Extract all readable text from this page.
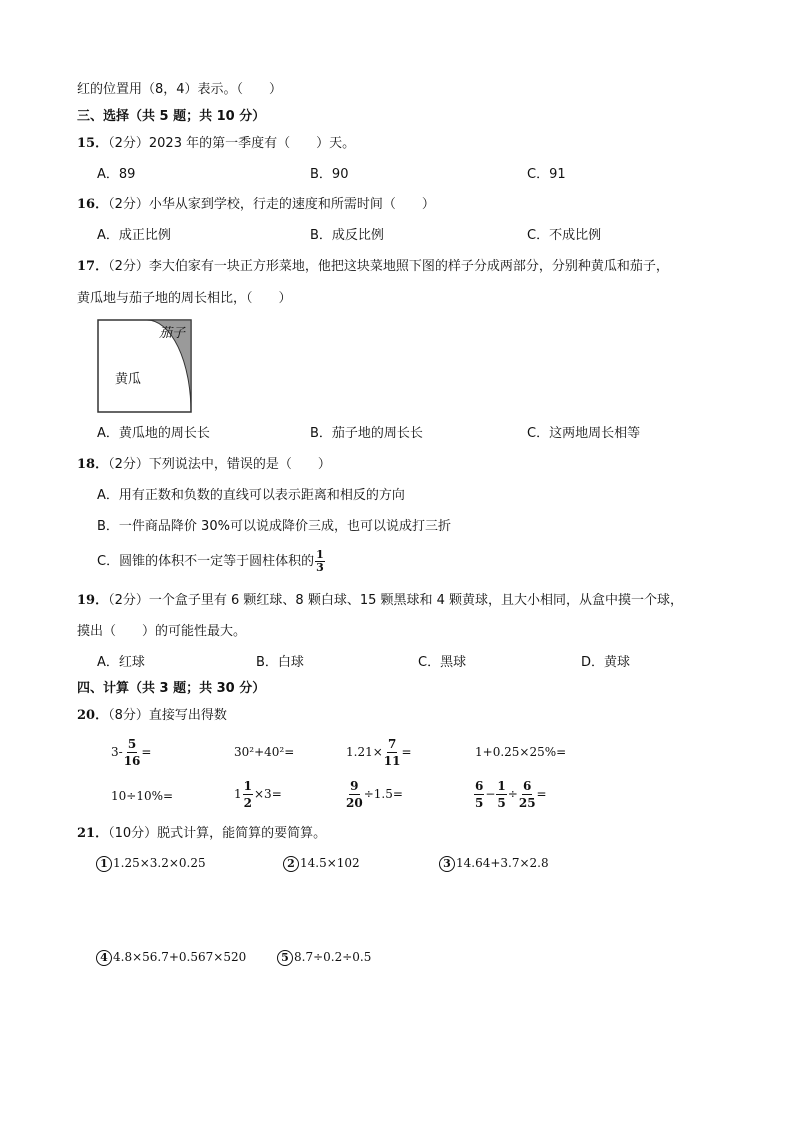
红的位置用（8，4）表示。（　　）
三、选择（共 5 题；共 10 分）
15．（2分）2023 年的第一季度有（　　）天。
A．89	B．90	C．91
16．（2分）小华从家到学校，行走的速度和所需时间（　　）
A．成正比例	B．成反比例	C．不成比例
17．（2分）李大伯家有一块正方形菜地，他把这块菜地照下图的样子分成两部分，分别种黄瓜和茄子，
黄瓜地与茄子地的周长相比，（　　）
茄子
黄瓜
A．黄瓜地的周长长	B．茄子地的周长长	C．这两地周长相等
18．（2分）下列说法中，错误的是（　　）
A．用有正数和负数的直线可以表示距离和相反的方向
B．一件商品降价 30%可以说成降价三成，也可以说成打三折
C．圆锥的体积不一定等于圆柱体积的 $\frac{1}{3}$
19．（2分）一个盒子里有 6 颗红球、8 颗白球、15 颗黑球和 4 颗黄球，且大小相同，从盒中摸一个球，
摸出（　　）的可能性最大。
A．红球	B．白球	C．黑球	D．黄球
四、计算（共 3 题；共 30 分）
20．（8分）直接写出得数
$3- \frac{5}{16}$ =	30²+40²=	$1.21\times \frac{7}{11}$ =	1+0.25×25%=
10÷10%=	$1 \frac{1}{2} \times 3=$	$\frac{9}{20} \div 1.5=$	$\frac{6}{5} - \frac{1}{5} \div \frac{6}{25}$ =
21．（10分）脱式计算，能简算的要简算。
1 1.25×3.2×0.25	2 14.5×102	3 14.64+3.7×2.8
4 4.8×56.7+0.567×520	5 8.7÷0.2÷0.5
